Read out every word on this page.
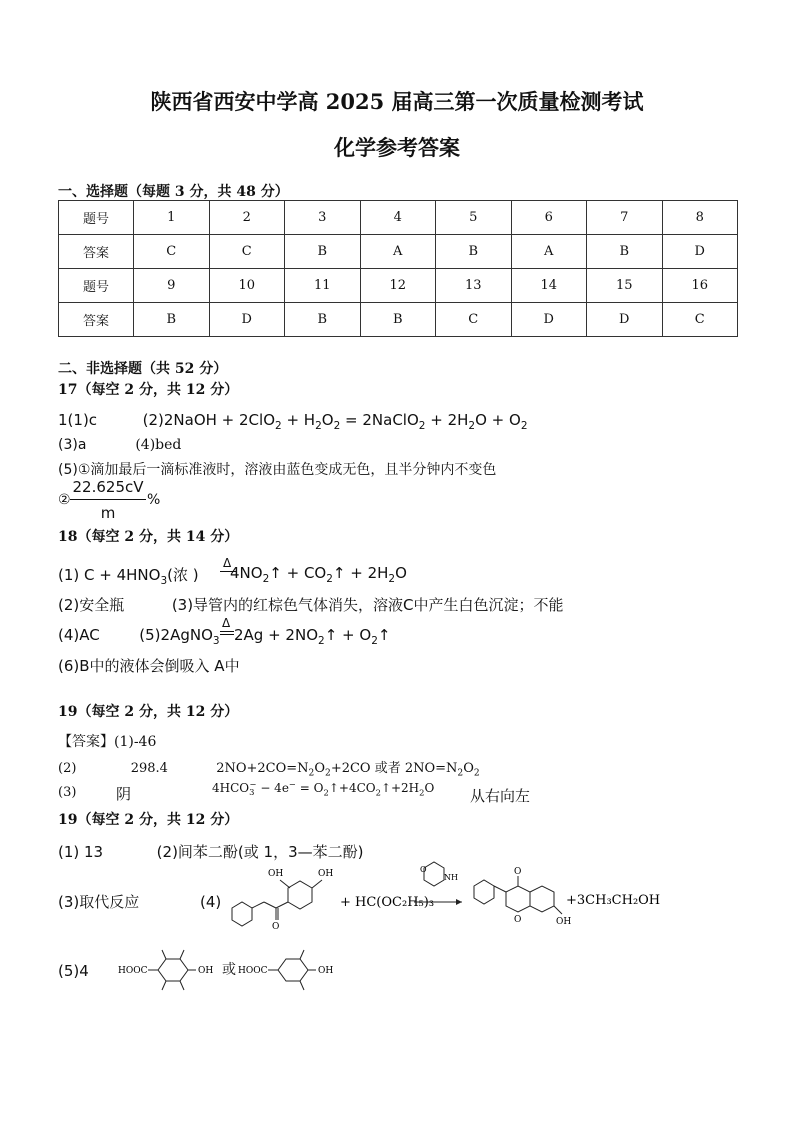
陕西省西安中学高 2025 届高三第一次质量检测考试
化学参考答案
一、选择题（每题 3 分，共 48 分）
题号	1	2	3	4	5	6	7	8
答案	C	C	B	A	B	A	B	D
题号	9	10	11	12	13	14	15	16
答案	B	D	B	B	C	D	D	C
二、非选择题（共 52 分）
17（每空 2 分，共 12 分）
1(1)c	(2)2NaOH + $2ClO_2 + H_2O_2$ = 2NaClO$_2$ + $2H_2O + O_2$
(3)a	(4)bed
(5)①滴加最后一滴标准液时，溶液由蓝色变成无色，且半分钟内不变色
②
22.625cV
m
%
18（每空 2 分，共 14 分）
(1) $C + 4HNO_3$(浓 )
Δ
$4NO_2↑$ + $CO_2↑ + 2H_2O$
(2)安全瓶	(3)导管内的红棕色气体消失，溶液C中产生白色沉淀；不能
(4)AC	(5)2AgNO$_3$
Δ
$2Ag + 2NO_2↑$ + $O_2↑$
(6)B中的液体会倒吸入 A中
19（每空 2 分，共 12 分）
【答案】(1)-46
(2)	298.4	$2NO+2CO=N_2O_2+2CO$ 或者 $2NO=N_2O_2$
(3)	阴	$4HCO_3^- - 4e^-$ = $O_2↑+4CO_2↑+2H_2O$ 从右向左
19（每空 2 分，共 12 分）
(1) 13	(2)间苯二酚(或 1，3—苯二酚)
(3)取代反应	(4)
O
OH	OH
+ HC(OC₂H₅)₃
O
NH
O
O	OH
+3CH₃CH₂OH
(5)4	HOOC	OH	HOOC	OH
或
